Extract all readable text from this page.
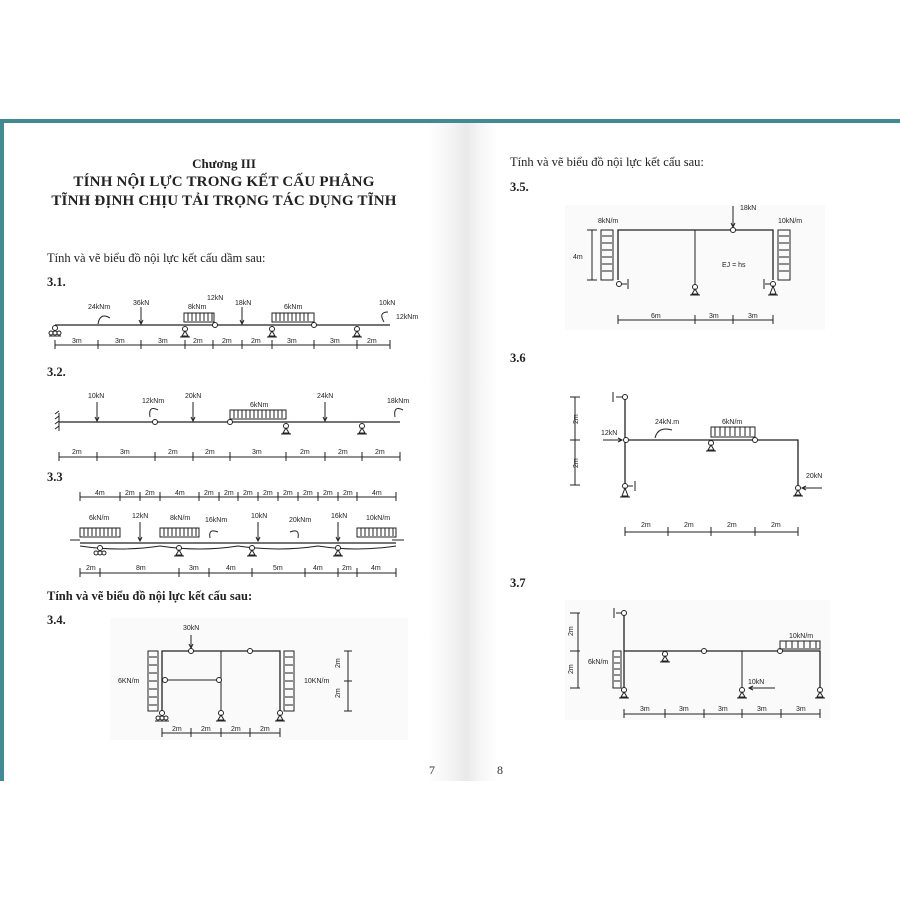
Chương III
TÍNH NỘI LỰC TRONG KẾT CẤU PHẲNG
TĨNH ĐỊNH CHỊU TẢI TRỌNG TÁC DỤNG TĨNH
Tính và vẽ biểu đồ nội lực kết cấu dầm sau:
3.1.
3.2.
3.3
Tính và vẽ biểu đồ nội lực kết cấu sau:
3.4.
7
Tính và vẽ biểu đồ nội lực kết cấu sau:
3.5.
3.6
3.7
8
24kNm
36kN
8kNm
12kN
18kN
6kNm
10kN
12kNm
3m	3m	3m	2m	2m	2m	3m	3m	2m
10kN
12kNm
20kN
6kNm
24kN
18kNm
2m	3m	2m	2m	3m	2m	2m	2m
4m	2m 2m	4m	2m 2m 2m 2m 2m 2m 2m 2m	4m
6kN/m	12kN	8kN/m 16kNm
10kN
20kNm
16kN	10kN/m
2m	8m	3m	4m	5m	4m	2m	4m
30kN
6KN/m	10KN/m
2m	2m	2m	2m
2m
2m
18kN
8kN/m	10kN/m
EJ = hs
4m
6m	3m	3m
24kN.m	6kN/m
12kN
20kN
2m
2m
2m	2m	2m	2m
10kN/m
6kN/m
10kN
2m
2m
3m	3m	3m	3m	3m
